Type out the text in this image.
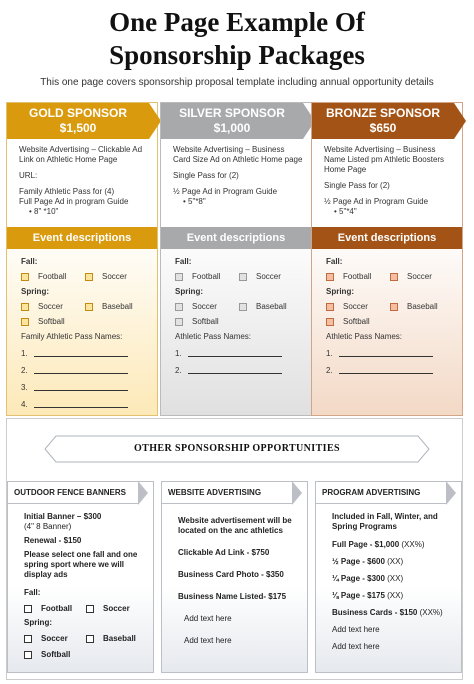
One Page Example Of
Sponsorship Packages
This one page covers sponsorship proposal template including annual opportunity details
GOLD SPONSOR
$1,500
Website Advertising – Clickable Ad Link on Athletic Home Page
URL:
Family Athletic Pass for (4)
Full Page Ad in program Guide
• 8" *10"
Event descriptions
Fall:
Football	Soccer
Spring:
Soccer	Baseball
Softball
Family Athletic Pass Names:
1.
2.
3.
4.
SILVER SPONSOR
$1,000
Website Advertising – Business Card Size Ad on Athletic Home page
Single Pass for (2)
½ Page Ad in Program Guide
• 5"*8"
Event descriptions
Fall:
Football	Soccer
Spring:
Soccer	Baseball
Softball
Athletic Pass Names:
1.
2.
BRONZE SPONSOR
$650
Website Advertising – Business Name Listed pm Athletic Boosters Home Page
Single Pass for (2)
½ Page Ad in Program Guide
• 5"*4"
Event descriptions
Fall:
Football	Soccer
Spring:
Soccer	Baseball
Softball
Athletic Pass Names:
1.
2.
OTHER SPONSORSHIP OPPORTUNITIES
OUTDOOR FENCE BANNERS
Initial Banner – $300
(4" 8 Banner)
Renewal - $150
Please select one fall and one spring sport where we will display ads
Fall:
Football	Soccer
Spring:
Soccer	Baseball
Softball
WEBSITE ADVERTISING
Website advertisement will be located on the anc athletics
Clickable Ad Link - $750
Business Card Photo - $350
Business Name Listed- $175
Add text here
Add text here
PROGRAM ADVERTISING
Included in Fall, Winter, and Spring Programs
Full Page - $1,000 (XX%)
½ Page - $600 (XX)
¼ Page - $300 (XX)
⅛ Page - $175 (XX)
Business Cards - $150 (XX%)
Add text here
Add text here
